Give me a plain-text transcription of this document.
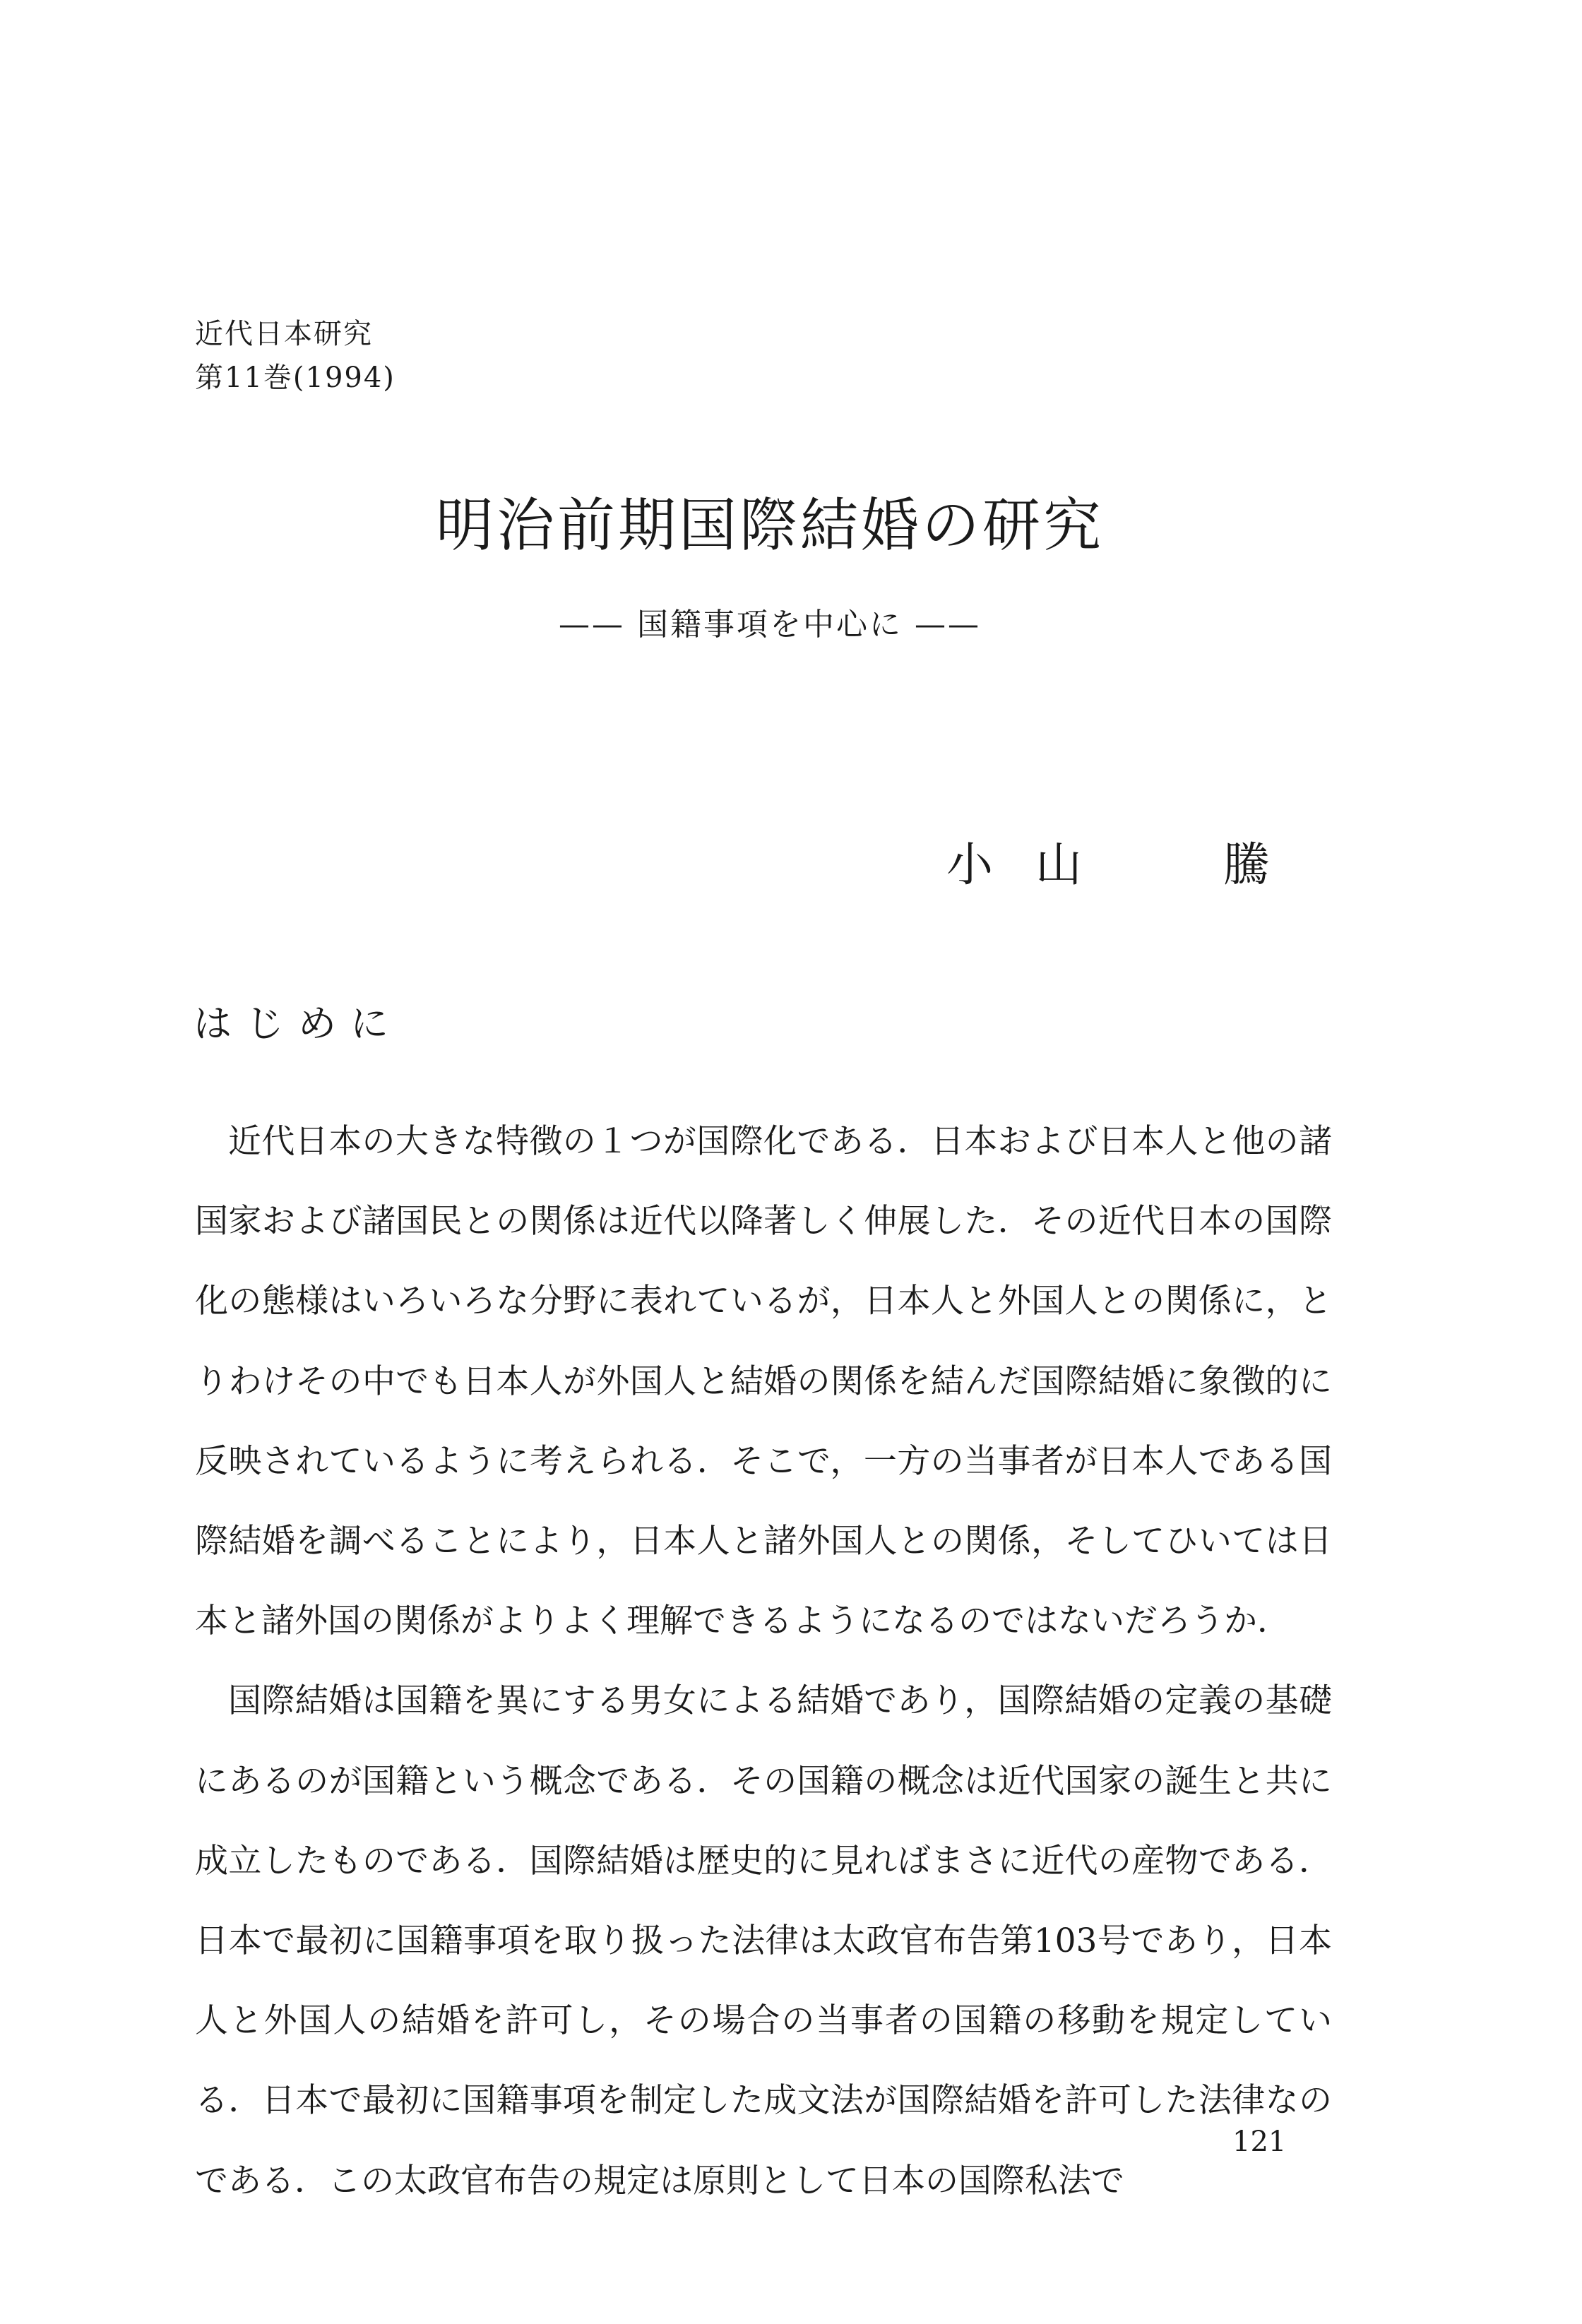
近代日本研究
第11巻(1994)
明治前期国際結婚の研究
—— 国籍事項を中心に ——
小 山	騰
はじめに

近代日本の大きな特徴の１つが国際化である．日本および日本人と他の諸国家および諸国民との関係は近代以降著しく伸展した．その近代日本の国際化の態様はいろいろな分野に表れているが，日本人と外国人との関係に，とりわけその中でも日本人が外国人と結婚の関係を結んだ国際結婚に象徴的に反映されているように考えられる．そこで，一方の当事者が日本人である国際結婚を調べることにより，日本人と諸外国人との関係，そしてひいては日本と諸外国の関係がよりよく理解できるようになるのではないだろうか．

国際結婚は国籍を異にする男女による結婚であり，国際結婚の定義の基礎にあるのが国籍という概念である．その国籍の概念は近代国家の誕生と共に成立したものである．国際結婚は歴史的に見ればまさに近代の産物である．日本で最初に国籍事項を取り扱った法律は太政官布告第103号であり，日本人と外国人の結婚を許可し，その場合の当事者の国籍の移動を規定している．日本で最初に国籍事項を制定した成文法が国際結婚を許可した法律なのである．この太政官布告の規定は原則として日本の国際私法で

121
